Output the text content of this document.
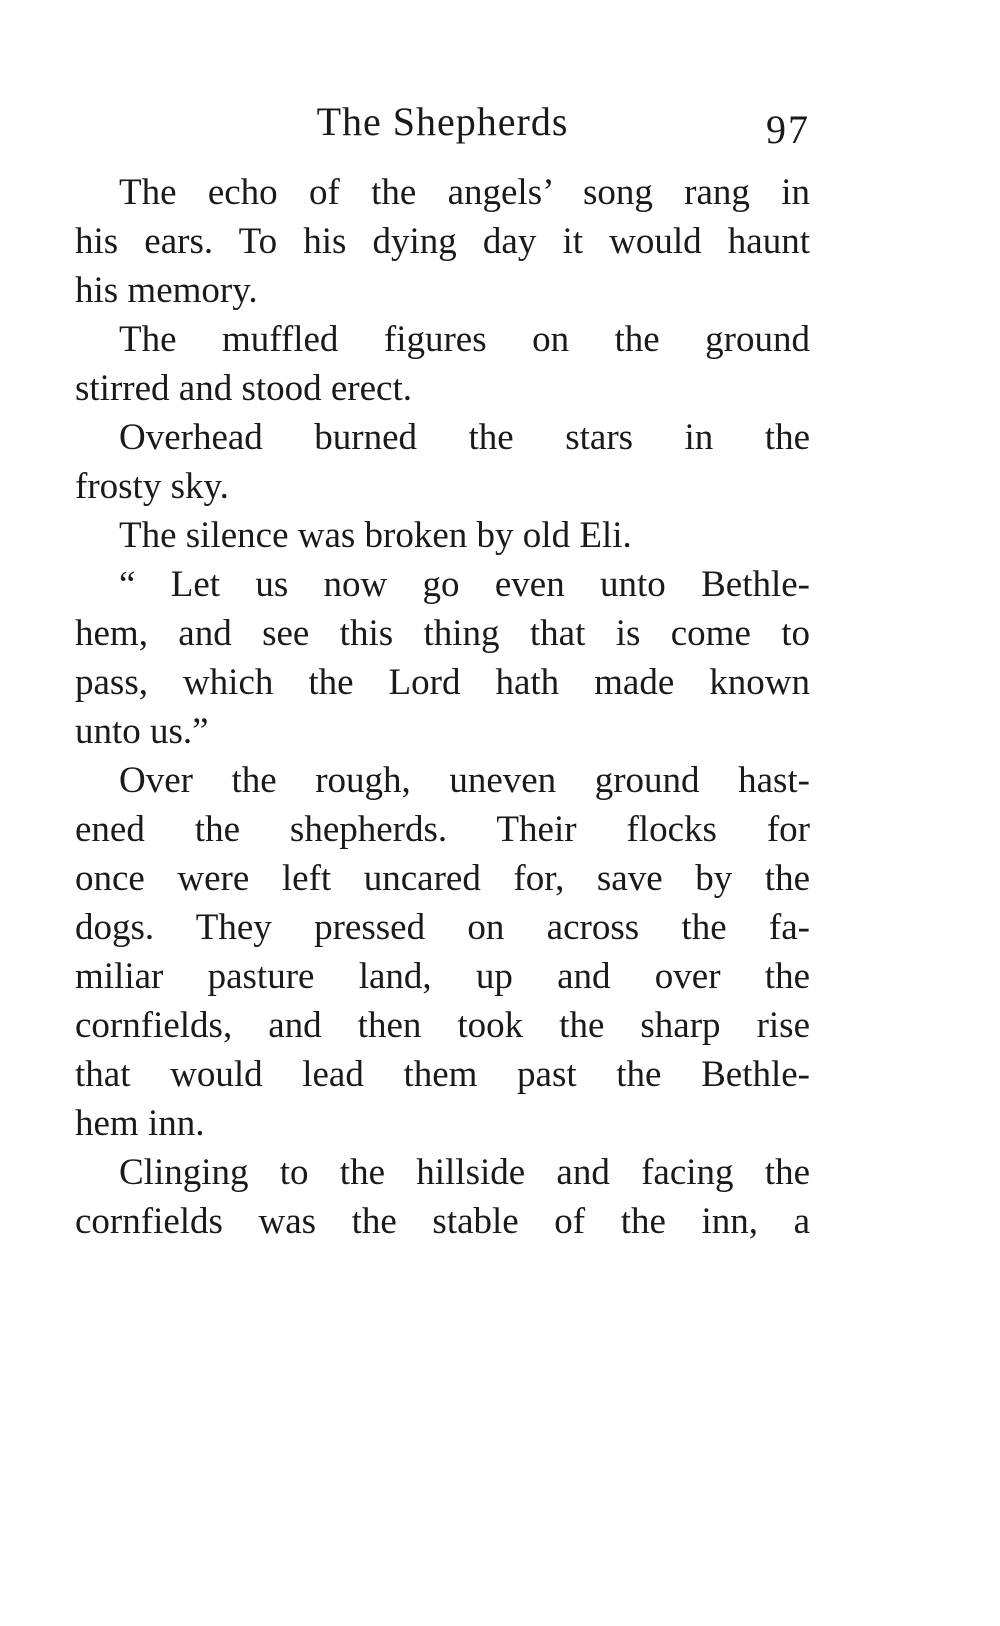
The Shepherds	97
The echo of the angels’ song rang in
his ears. To his dying day it would haunt
his memory.
The muffled figures on the ground
stirred and stood erect.
Overhead burned the stars in the
frosty sky.
The silence was broken by old Eli.
“ Let us now go even unto Bethle-
hem, and see this thing that is come to
pass, which the Lord hath made known
unto us.”
Over the rough, uneven ground hast-
ened the shepherds. Their flocks for
once were left uncared for, save by the
dogs. They pressed on across the fa-
miliar pasture land, up and over the
cornfields, and then took the sharp rise
that would lead them past the Bethle-
hem inn.
Clinging to the hillside and facing the
cornfields was the stable of the inn, a
